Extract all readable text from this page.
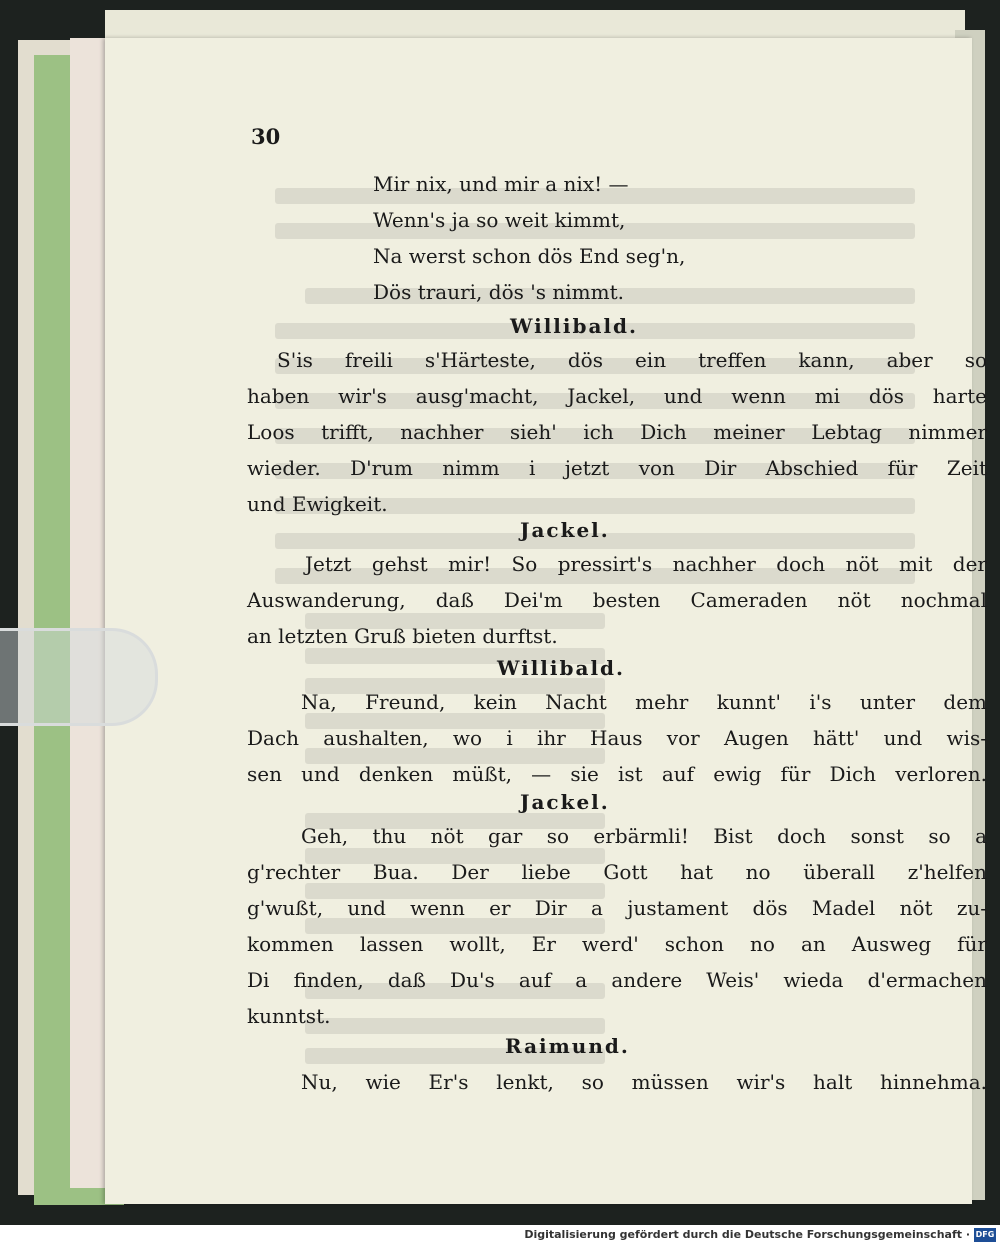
30
Mir nix, und mir a nix! —
Wenn's ja so weit kimmt,
Na werst schon dös End seg'n,
Dös trauri, dös 's nimmt.
Willibald.
S'is freili s'Härteste, dös ein treffen kann, aber so
haben wir's ausg'macht, Jackel, und wenn mi dös harte
Loos trifft, nachher sieh' ich Dich meiner Lebtag nimmer
wieder. D'rum nimm i jetzt von Dir Abschied für Zeit
und Ewigkeit.
Jackel.
Jetzt gehst mir! So pressirt's nachher doch nöt mit der
Auswanderung, daß Dei'm besten Cameraden nöt nochmal
an letzten Gruß bieten durftst.
Willibald.
Na, Freund, kein Nacht mehr kunnt' i's unter dem
Dach aushalten, wo i ihr Haus vor Augen hätt' und wis-
sen und denken müßt, — sie ist auf ewig für Dich verloren.
Jackel.
Geh, thu nöt gar so erbärmli! Bist doch sonst so a
g'rechter Bua. Der liebe Gott hat no überall z'helfen
g'wußt, und wenn er Dir a justament dös Madel nöt zu-
kommen lassen wollt, Er werd' schon no an Ausweg für
Di finden, daß Du's auf a andere Weis' wieda d'ermachen
kunntst.
Raimund.
Nu, wie Er's lenkt, so müssen wir's halt hinnehma.
Digitalisierung gefördert durch die Deutsche Forschungsgemeinschaft · DFG
